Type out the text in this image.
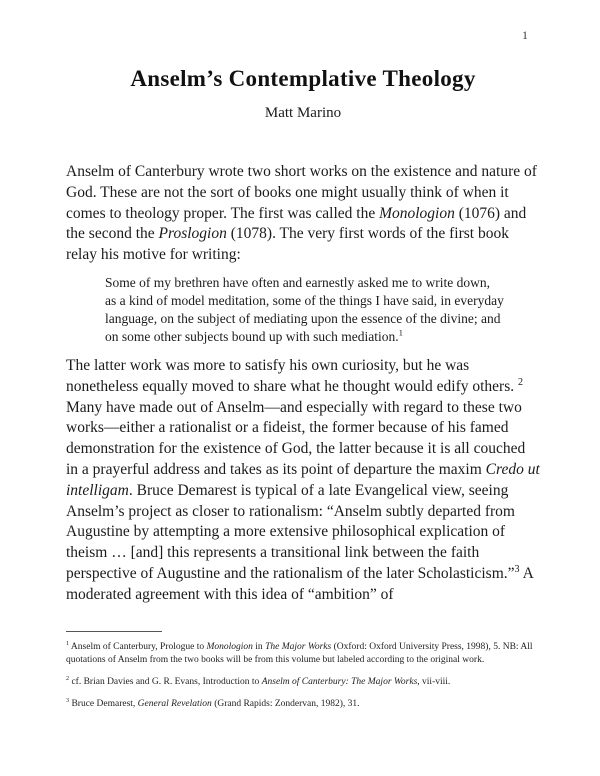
1
Anselm’s Contemplative Theology
Matt Marino

Anselm of Canterbury wrote two short works on the existence and nature of God. These are not the sort of books one might usually think of when it comes to theology proper. The first was called the Monologion (1076) and the second the Proslogion (1078). The very first words of the first book relay his motive for writing:

Some of my brethren have often and earnestly asked me to write down, as a kind of model meditation, some of the things I have said, in everyday language, on the subject of mediating upon the essence of the divine; and on some other subjects bound up with such mediation.$^1$

The latter work was more to satisfy his own curiosity, but he was nonetheless equally moved to share what he thought would edify others. $^2$

Many have made out of Anselm—and especially with regard to these two works—either a rationalist or a fideist, the former because of his famed demonstration for the existence of God, the latter because it is all couched in a prayerful address and takes as its point of departure the maxim Credo ut intelligam. Bruce Demarest is typical of a late Evangelical view, seeing Anselm’s project as closer to rationalism: “Anselm subtly departed from Augustine by attempting a more extensive philosophical explication of theism … [and] this represents a transitional link between the faith perspective of Augustine and the rationalism of the later Scholasticism.”$^3$ A moderated agreement with this idea of “ambition” of

$^1$ Anselm of Canterbury, Prologue to Monologion in The Major Works (Oxford: Oxford University Press, 1998), 5. NB: All quotations of Anselm from the two books will be from this volume but labeled according to the original work.

$^2$ cf. Brian Davies and G. R. Evans, Introduction to Anselm of Canterbury: The Major Works, vii-viii.

$^3$ Bruce Demarest, General Revelation (Grand Rapids: Zondervan, 1982), 31.
